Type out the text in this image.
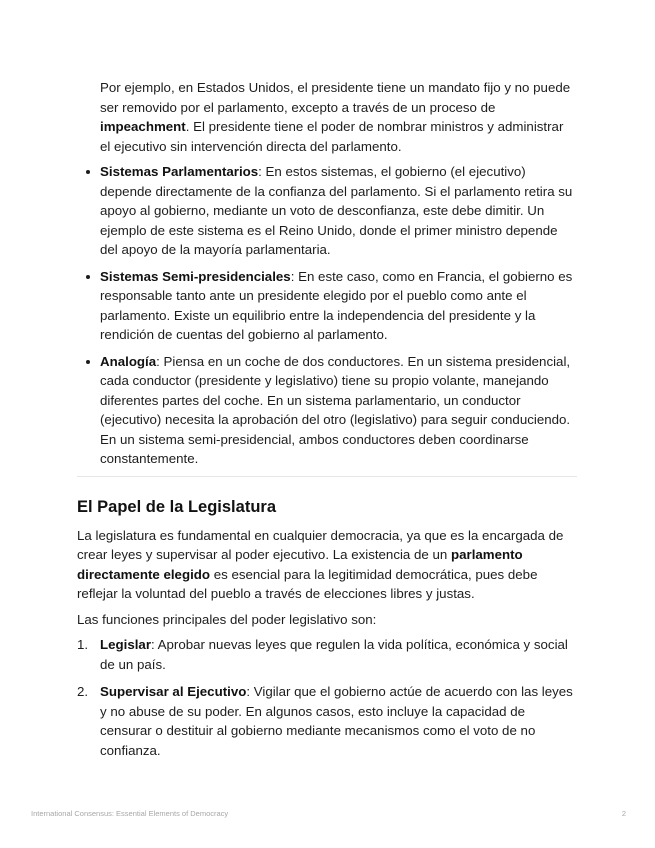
Por ejemplo, en Estados Unidos, el presidente tiene un mandato fijo y no puede ser removido por el parlamento, excepto a través de un proceso de impeachment. El presidente tiene el poder de nombrar ministros y administrar el ejecutivo sin intervención directa del parlamento.

Sistemas Parlamentarios: En estos sistemas, el gobierno (el ejecutivo) depende directamente de la confianza del parlamento. Si el parlamento retira su apoyo al gobierno, mediante un voto de desconfianza, este debe dimitir. Un ejemplo de este sistema es el Reino Unido, donde el primer ministro depende del apoyo de la mayoría parlamentaria.
Sistemas Semi-presidenciales: En este caso, como en Francia, el gobierno es responsable tanto ante un presidente elegido por el pueblo como ante el parlamento. Existe un equilibrio entre la independencia del presidente y la rendición de cuentas del gobierno al parlamento.
Analogía: Piensa en un coche de dos conductores. En un sistema presidencial, cada conductor (presidente y legislativo) tiene su propio volante, manejando diferentes partes del coche. En un sistema parlamentario, un conductor (ejecutivo) necesita la aprobación del otro (legislativo) para seguir conduciendo. En un sistema semi-presidencial, ambos conductores deben coordinarse constantemente.
El Papel de la Legislatura

La legislatura es fundamental en cualquier democracia, ya que es la encargada de crear leyes y supervisar al poder ejecutivo. La existencia de un parlamento directamente elegido es esencial para la legitimidad democrática, pues debe reflejar la voluntad del pueblo a través de elecciones libres y justas.

Las funciones principales del poder legislativo son:

1. Legislar: Aprobar nuevas leyes que regulen la vida política, económica y social de un país.
2. Supervisar al Ejecutivo: Vigilar que el gobierno actúe de acuerdo con las leyes y no abuse de su poder. En algunos casos, esto incluye la capacidad de censurar o destituir al gobierno mediante mecanismos como el voto de no confianza.
International Consensus: Essential Elements of Democracy	2
